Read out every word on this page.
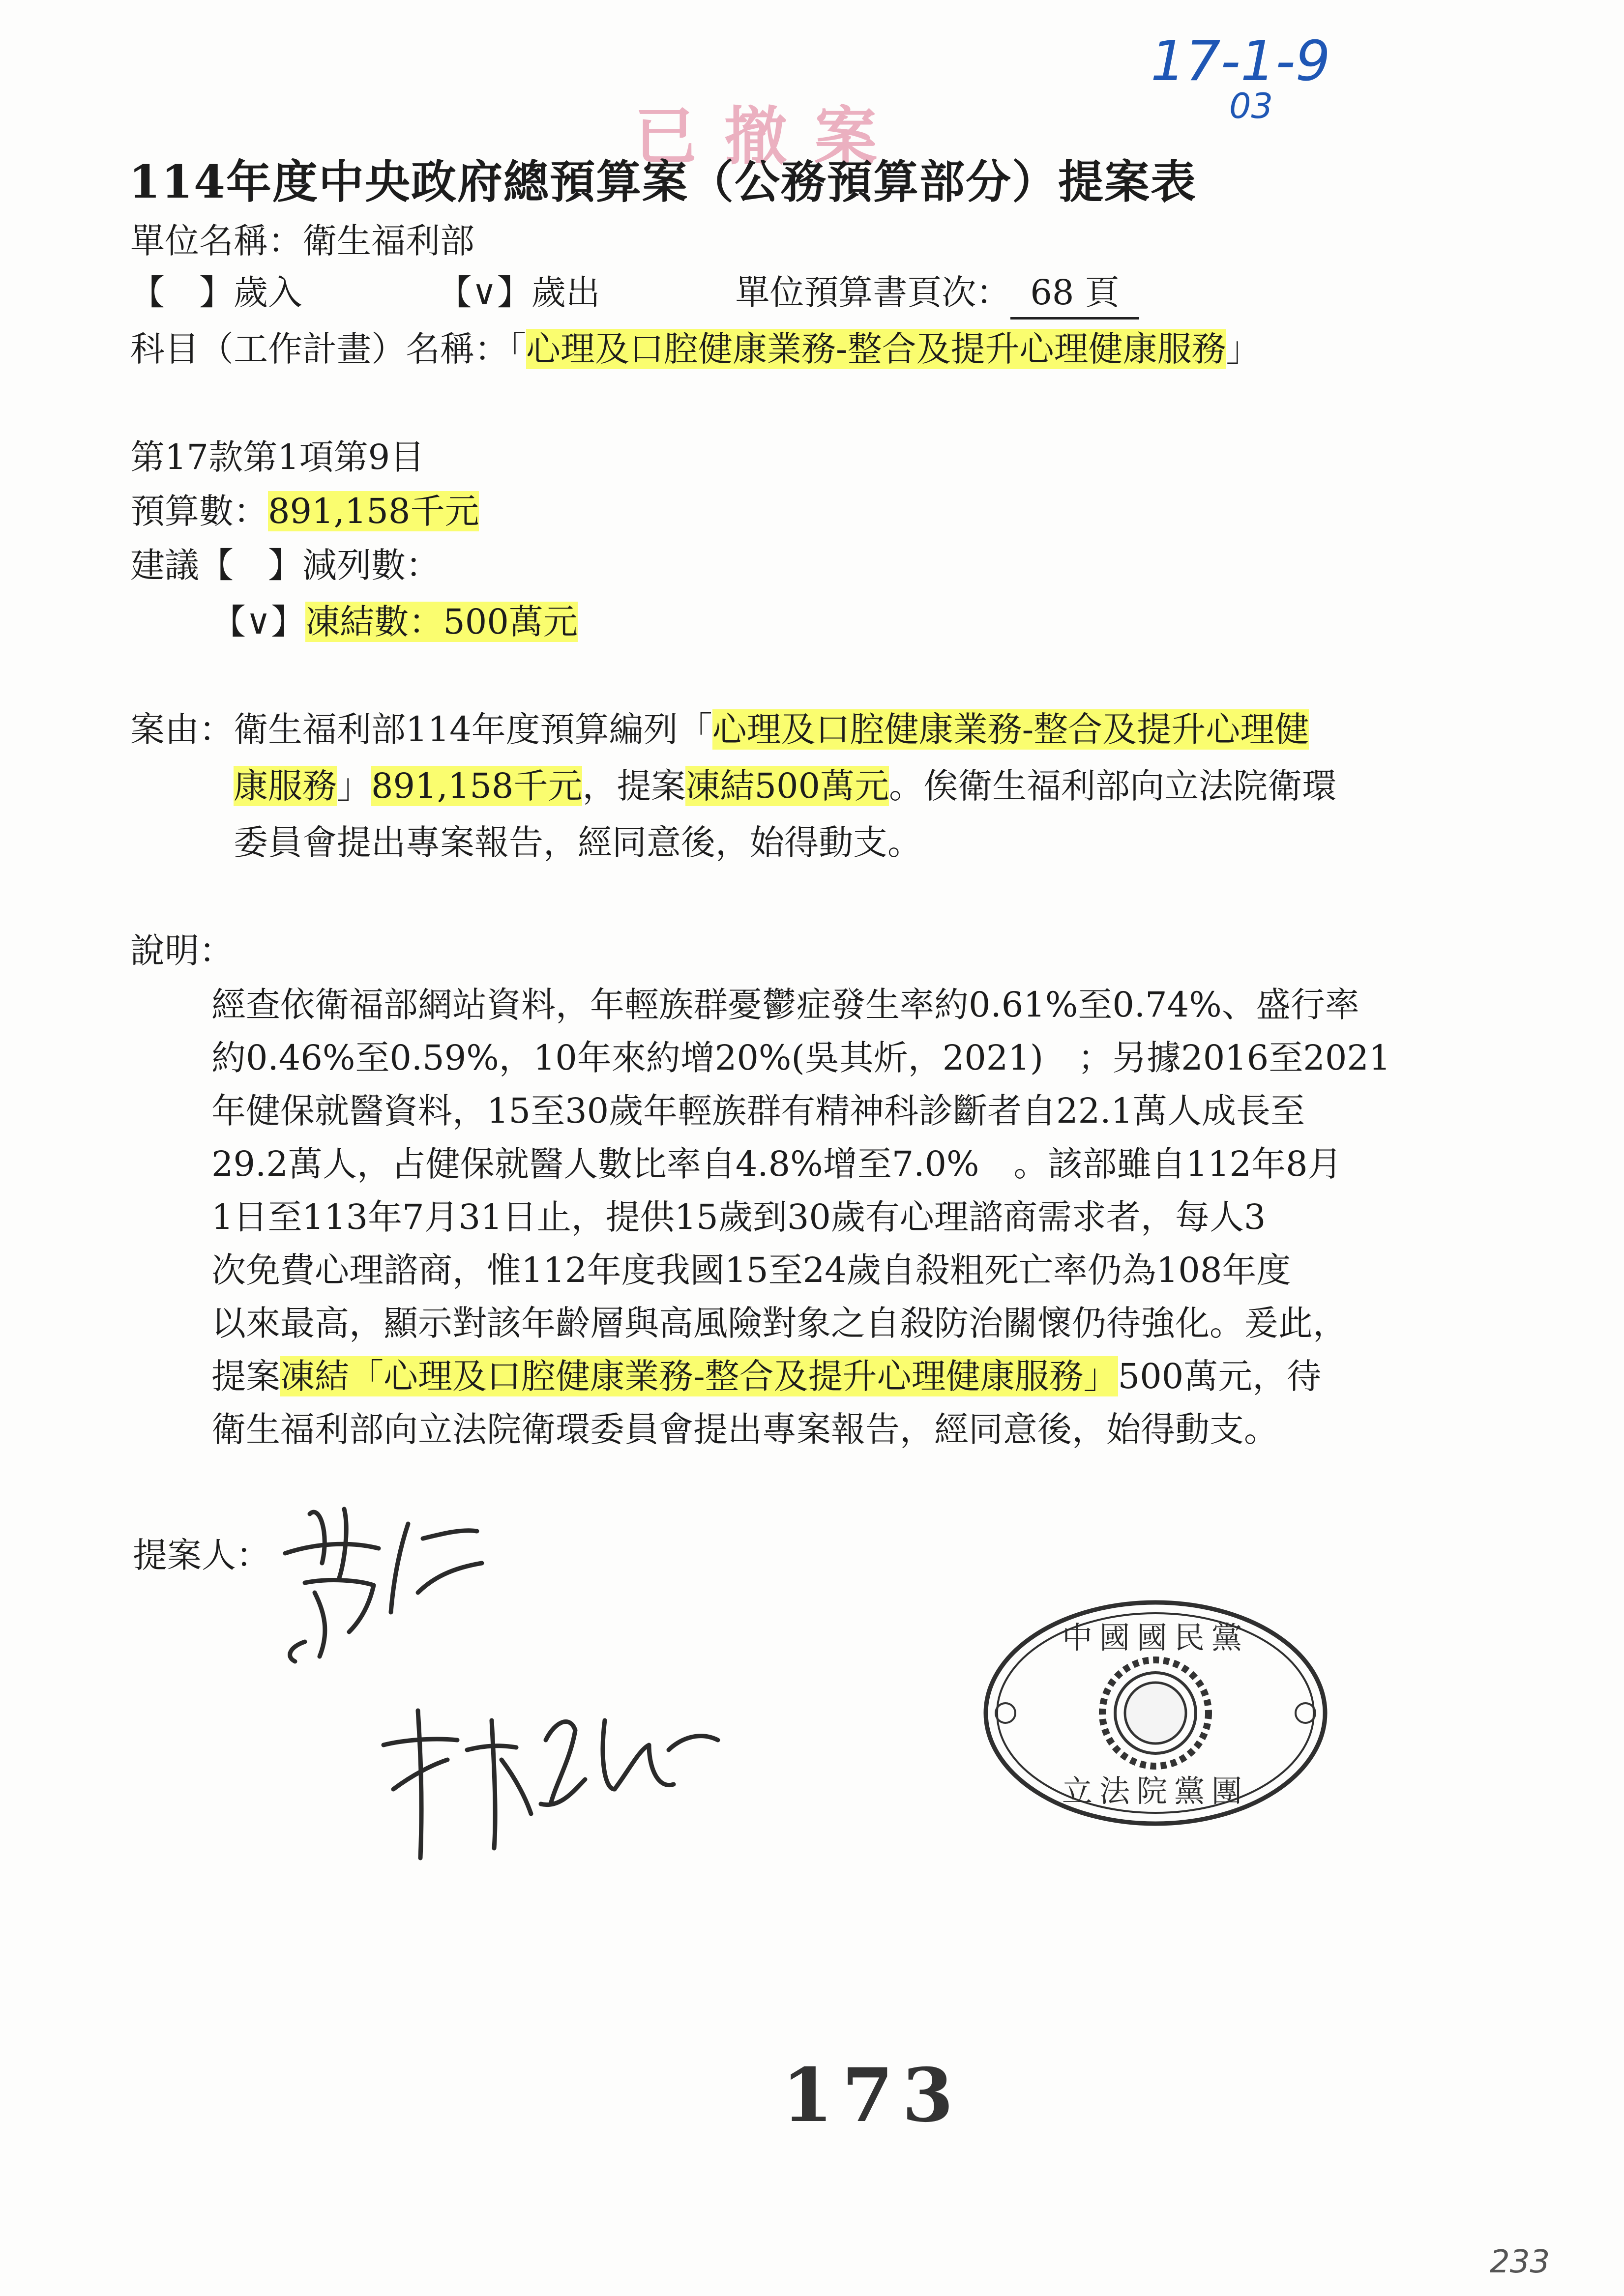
17-1-9
03
已撤案
114年度中央政府總預算案（公務預算部分）提案表
單位名稱：衛生福利部
【　】歲入	【∨】歲出	單位預算書頁次： 68 頁
科目（工作計畫）名稱：「心理及口腔健康業務-整合及提升心理健康服務」
第17款第1項第9目
預算數：891,158千元
建議【　】減列數：
【∨】凍結數：500萬元
案由： 衛生福利部114年度預算編列「心理及口腔健康業務-整合及提升心理健
康服務」891,158千元，提案凍結500萬元。俟衛生福利部向立法院衛環
委員會提出專案報告，經同意後，始得動支。
說明：
經查依衛福部網站資料，年輕族群憂鬱症發生率約0.61%至0.74%、盛行率
約0.46%至0.59%，10年來約增20%(吳其炘，2021)　；另據2016至2021
年健保就醫資料，15至30歲年輕族群有精神科診斷者自22.1萬人成長至
29.2萬人，占健保就醫人數比率自4.8%增至7.0%　。該部雖自112年8月
1日至113年7月31日止，提供15歲到30歲有心理諮商需求者，每人3
次免費心理諮商，惟112年度我國15至24歲自殺粗死亡率仍為108年度
以來最高，顯示對該年齡層與高風險對象之自殺防治關懷仍待強化。爰此，
提案凍結「心理及口腔健康業務-整合及提升心理健康服務」500萬元，待
衛生福利部向立法院衛環委員會提出專案報告，經同意後，始得動支。
提案人：
中國國民黨
立法院黨團
173
233
